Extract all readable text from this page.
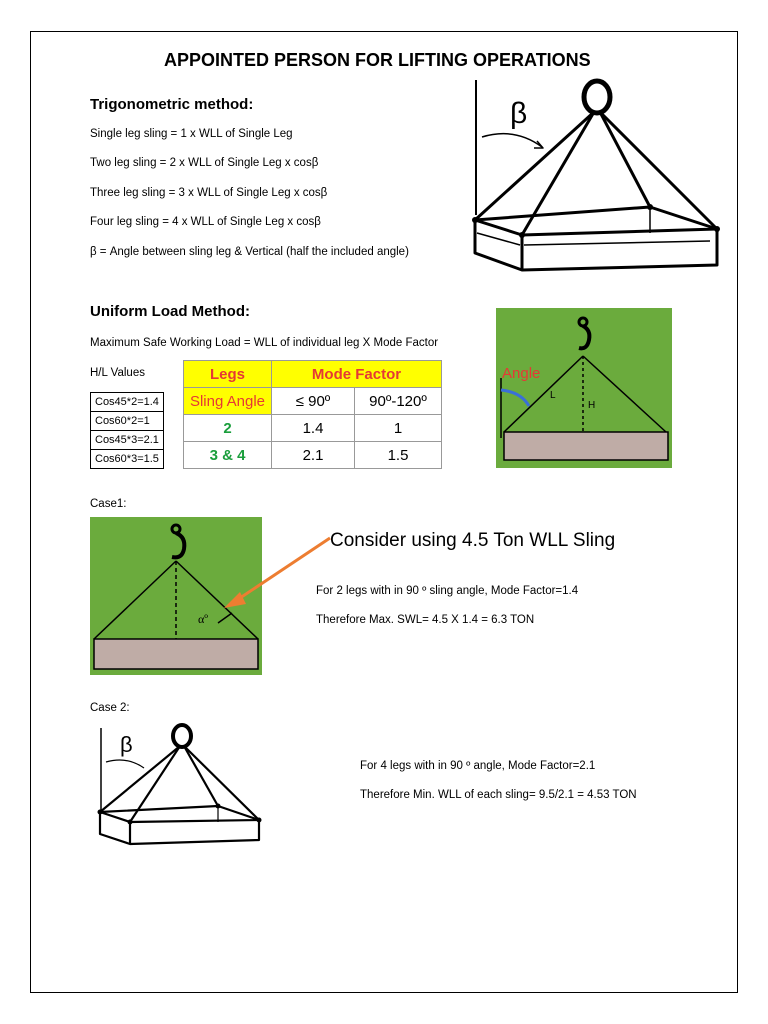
APPOINTED PERSON FOR LIFTING OPERATIONS
Trigonometric method:
Single leg sling = 1 x WLL of Single Leg
Two leg sling = 2 x WLL of Single Leg x cosβ
Three leg sling = 3 x WLL of Single Leg x cosβ
Four leg sling = 4 x WLL of Single Leg x cosβ
β = Angle between sling leg & Vertical (half the included angle)
β
Uniform Load Method:
Maximum Safe Working Load = WLL of individual leg X Mode Factor
H/L Values
Cos45*2=1.4
Cos60*2=1
Cos45*3=2.1
Cos60*3=1.5
Legs	Mode Factor	
Sling Angle	≤ 90º	90º-120º
2	1.4	1
3 & 4	2.1	1.5
Angle
L
H
Case1:
αº
Consider using 4.5 Ton WLL Sling
For 2 legs with in 90 º sling angle, Mode Factor=1.4
Therefore Max. SWL= 4.5 X 1.4 = 6.3 TON
Case 2:
β
For 4 legs with in 90 º angle, Mode Factor=2.1
Therefore Min. WLL of each sling= 9.5/2.1 = 4.53 TON
